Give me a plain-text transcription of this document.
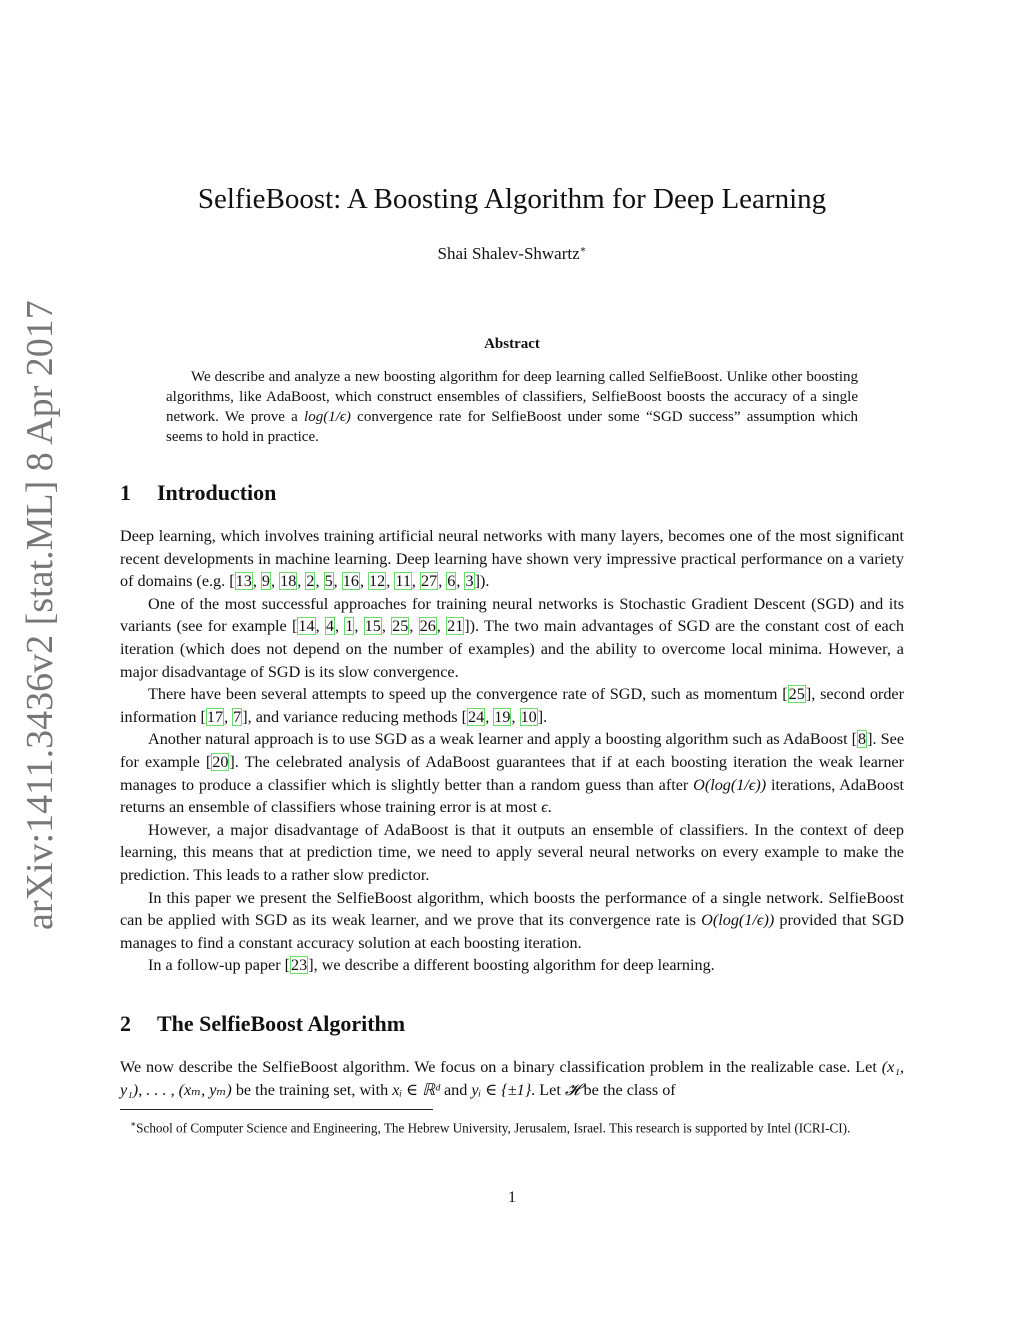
arXiv:1411.3436v2 [stat.ML] 8 Apr 2017
SelfieBoost: A Boosting Algorithm for Deep Learning
Shai Shalev-Shwartz∗
Abstract

We describe and analyze a new boosting algorithm for deep learning called SelfieBoost. Unlike other boosting algorithms, like AdaBoost, which construct ensembles of classifiers, SelfieBoost boosts the accuracy of a single network. We prove a log(1/ϵ) convergence rate for SelfieBoost under some “SGD success” assumption which seems to hold in practice.

1 Introduction

Deep learning, which involves training artificial neural networks with many layers, becomes one of the most significant recent developments in machine learning. Deep learning have shown very impressive practical performance on a variety of domains (e.g. [13, 9, 18, 2, 5, 16, 12, 11, 27, 6, 3]).

One of the most successful approaches for training neural networks is Stochastic Gradient Descent (SGD) and its variants (see for example [14, 4, 1, 15, 25, 26, 21]). The two main advantages of SGD are the constant cost of each iteration (which does not depend on the number of examples) and the ability to overcome local minima. However, a major disadvantage of SGD is its slow convergence.

There have been several attempts to speed up the convergence rate of SGD, such as momentum [25], second order information [17, 7], and variance reducing methods [24, 19, 10].

Another natural approach is to use SGD as a weak learner and apply a boosting algorithm such as AdaBoost [8]. See for example [20]. The celebrated analysis of AdaBoost guarantees that if at each boosting iteration the weak learner manages to produce a classifier which is slightly better than a random guess than after O(log(1/ϵ)) iterations, AdaBoost returns an ensemble of classifiers whose training error is at most ϵ.

However, a major disadvantage of AdaBoost is that it outputs an ensemble of classifiers. In the context of deep learning, this means that at prediction time, we need to apply several neural networks on every example to make the prediction. This leads to a rather slow predictor.

In this paper we present the SelfieBoost algorithm, which boosts the performance of a single network. SelfieBoost can be applied with SGD as its weak learner, and we prove that its convergence rate is O(log(1/ϵ)) provided that SGD manages to find a constant accuracy solution at each boosting iteration.

In a follow-up paper [23], we describe a different boosting algorithm for deep learning.

2 The SelfieBoost Algorithm

We now describe the SelfieBoost algorithm. We focus on a binary classification problem in the realizable case. Let (x₁, y₁), . . . , (xₘ, yₘ) be the training set, with xᵢ ∈ ℝᵈ and yᵢ ∈ {±1}. Let 𝓗 be the class of

∗School of Computer Science and Engineering, The Hebrew University, Jerusalem, Israel. This research is supported by Intel (ICRI-CI).

1
